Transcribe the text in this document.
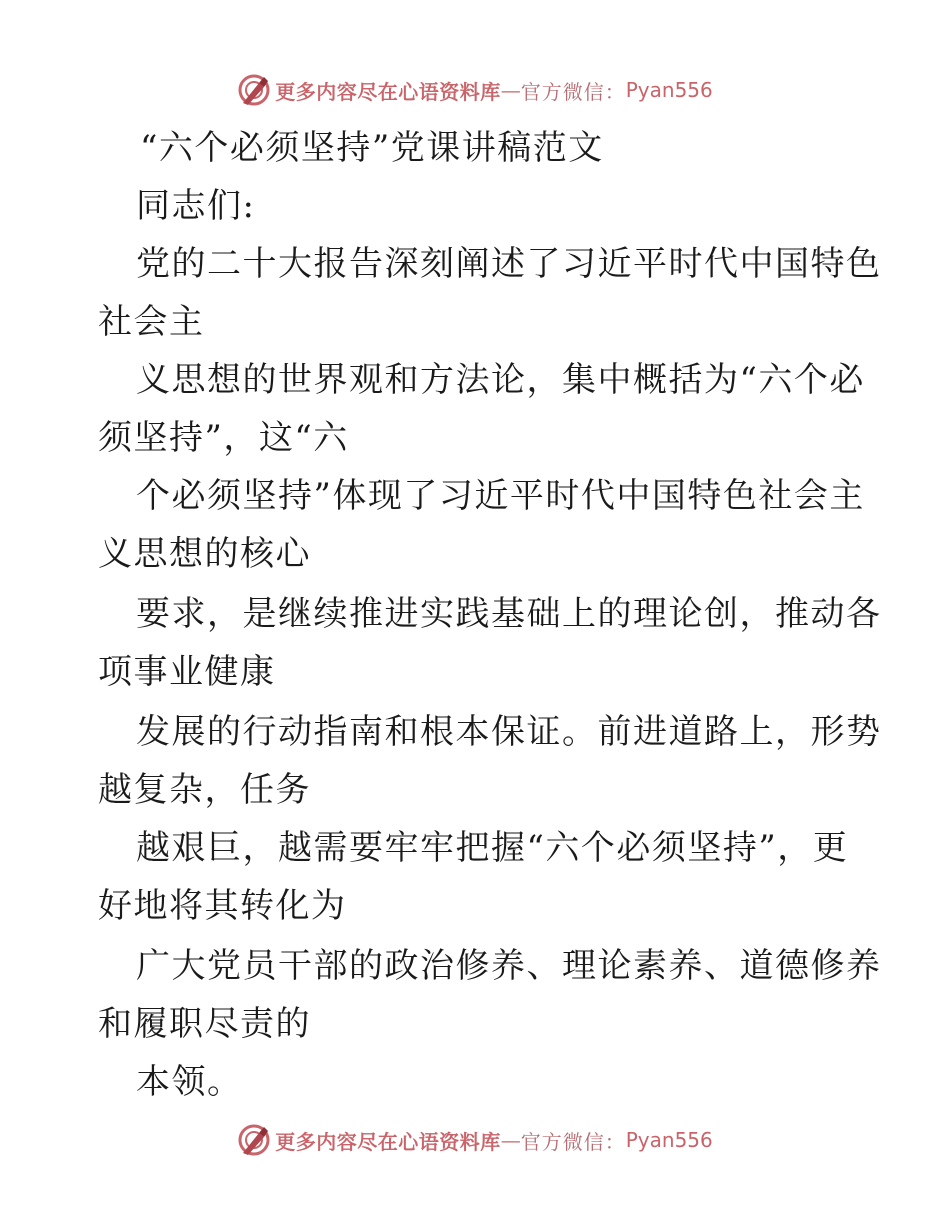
更多内容尽在心语资料库 — 官方微信： Pyan556
“六个必须坚持”党课讲稿范文
同志们:
党的二十大报告深刻阐述了习近平时代中国特色
社会主
义思想的世界观和方法论，集中概括为“六个必
须坚持”，这“六
个必须坚持”体现了习近平时代中国特色社会主
义思想的核心
要求，是继续推进实践基础上的理论创，推动各
项事业健康
发展的行动指南和根本保证。前进道路上，形势
越复杂，任务
越艰巨，越需要牢牢把握“六个必须坚持”，更
好地将其转化为
广大党员干部的政治修养、理论素养、道德修养
和履职尽责的
本领。
更多内容尽在心语资料库 — 官方微信： Pyan556
